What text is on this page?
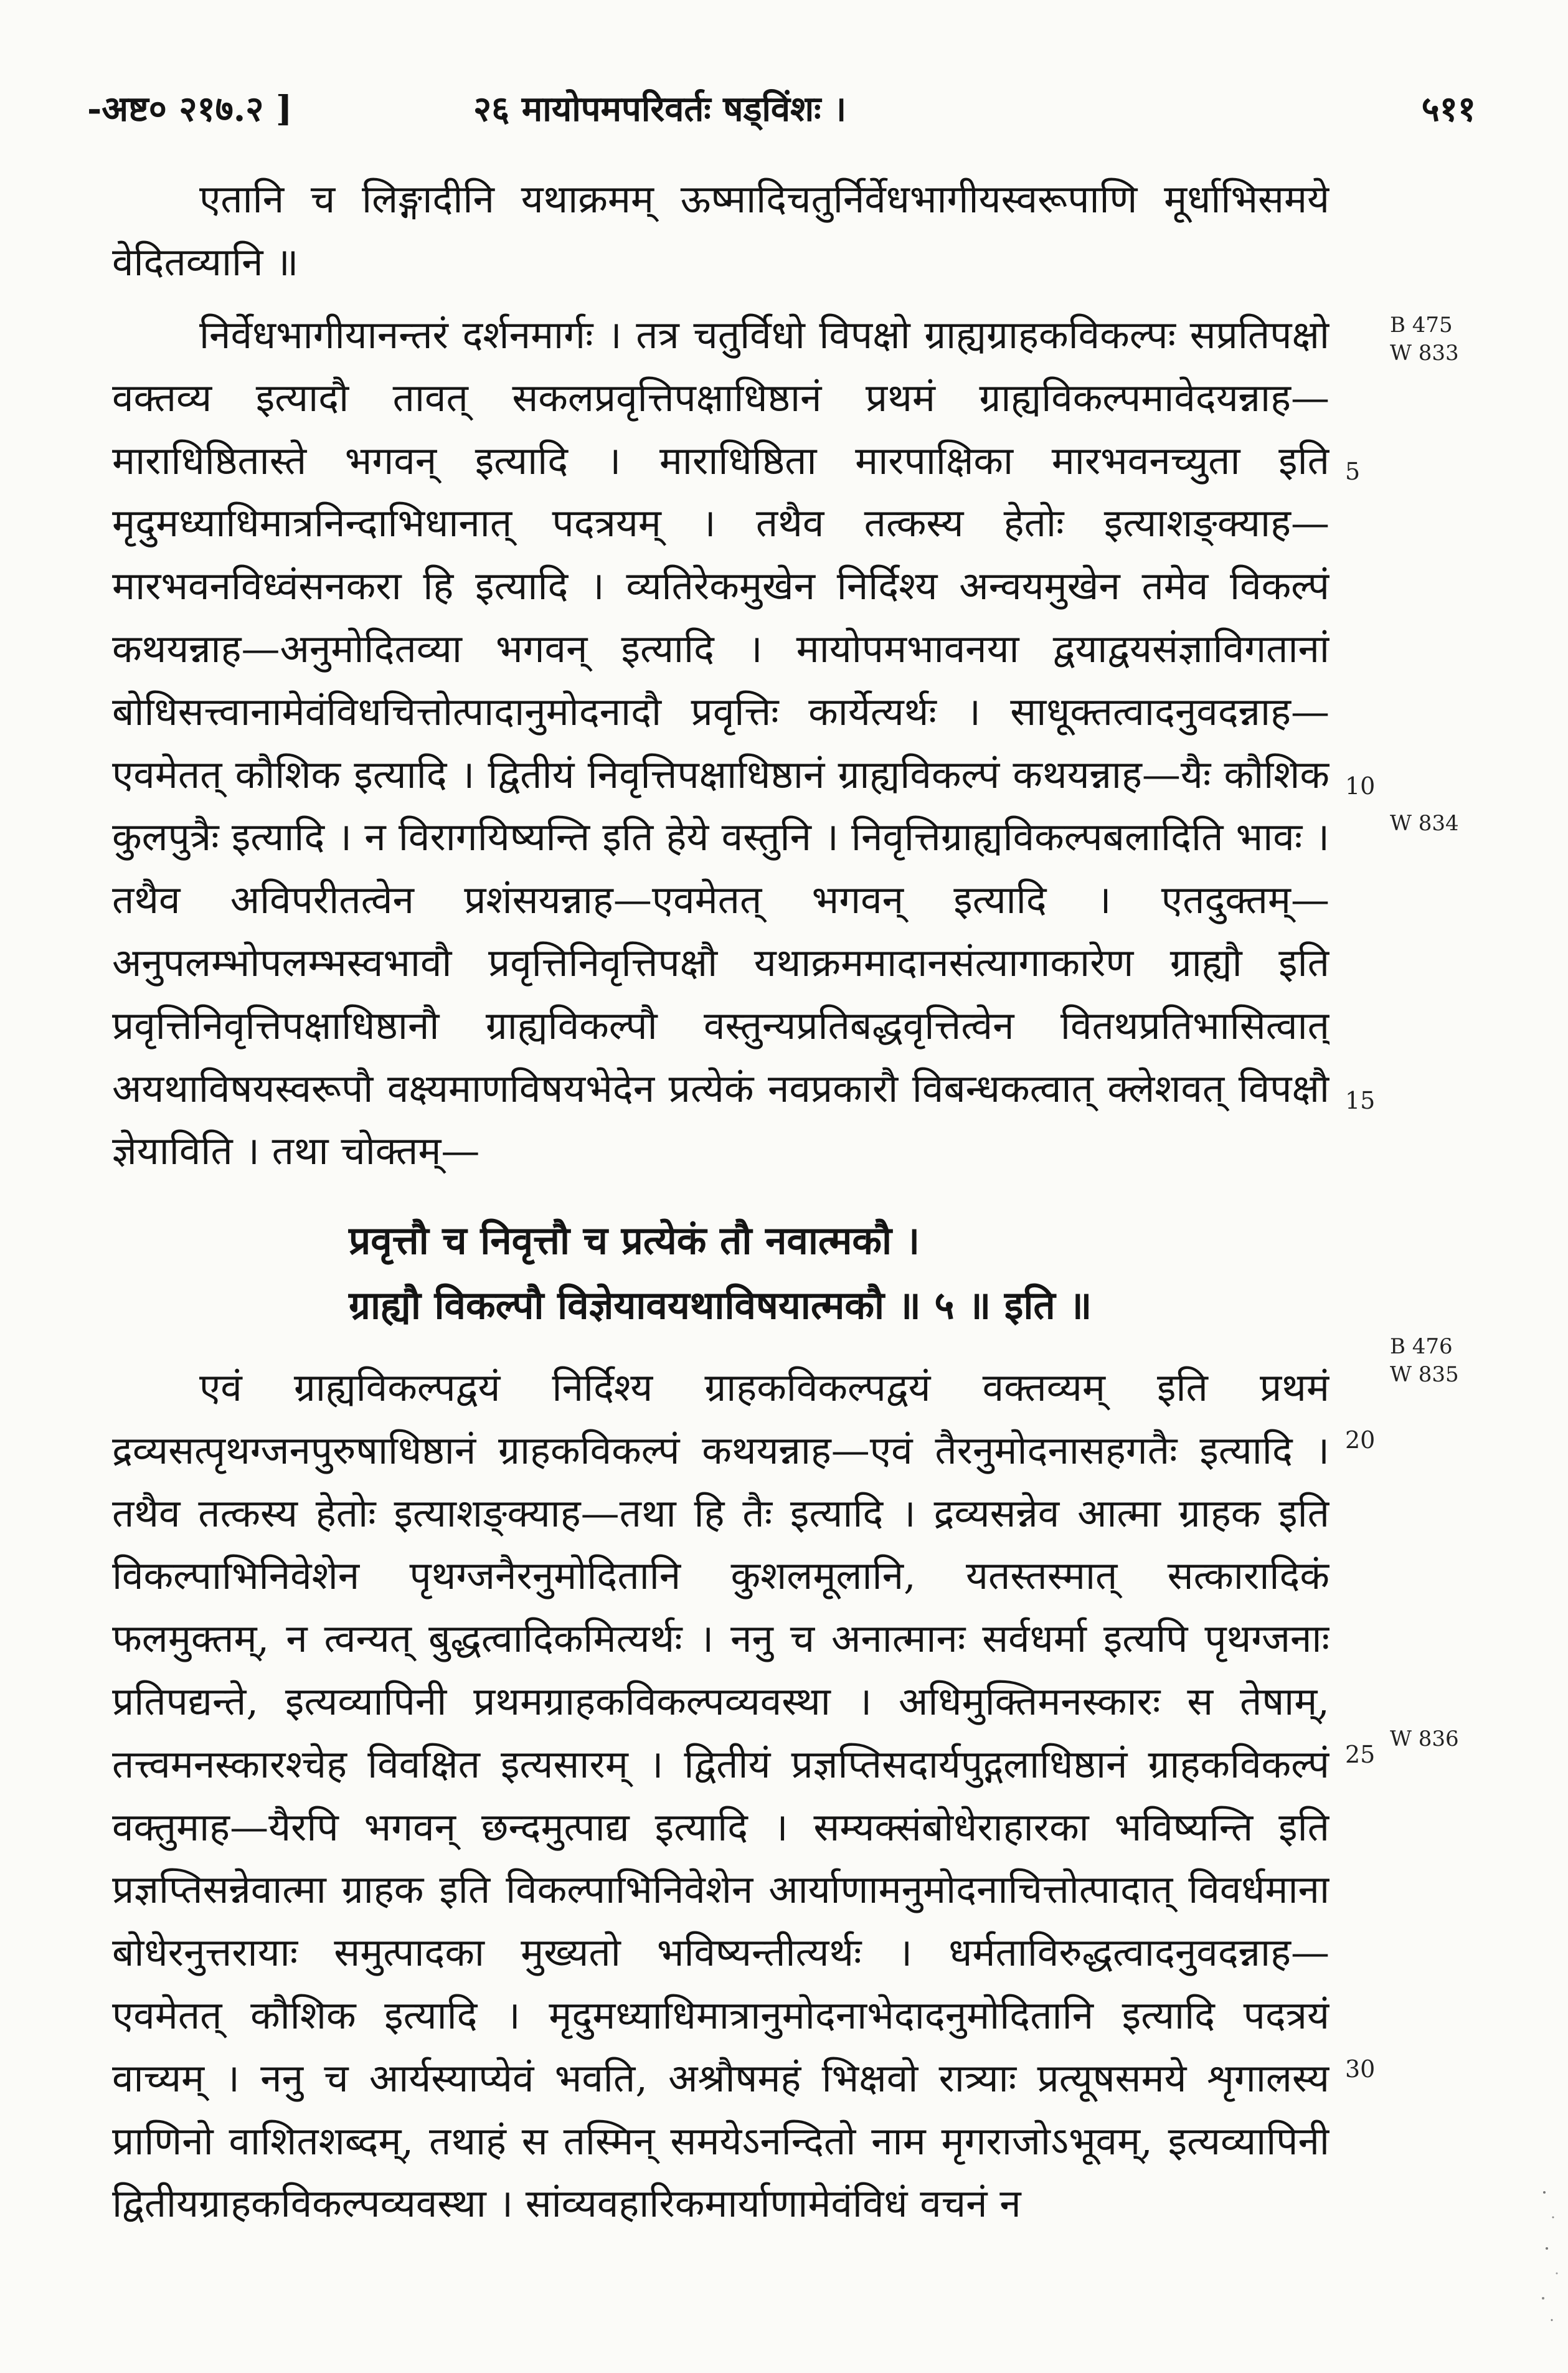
-अष्ट० २१७.२ ]	२६ मायोपमपरिवर्तः षड्विंशः ।	५११

एतानि च लिङ्गादीनि यथाक्रमम् ऊष्मादिचतुर्निर्वेधभागीयस्वरूपाणि मूर्धाभिसमये वेदितव्यानि ॥

निर्वेधभागीयानन्तरं दर्शनमार्गः । तत्र चतुर्विधो विपक्षो ग्राह्यग्राहकविकल्पः सप्रतिपक्षो वक्तव्य इत्यादौ तावत् सकलप्रवृत्तिपक्षाधिष्ठानं प्रथमं ग्राह्यविकल्पमावेदयन्नाह— माराधिष्ठितास्ते भगवन् इत्यादि । माराधिष्ठिता मारपाक्षिका मारभवनच्युता इति मृदुमध्याधिमात्रनिन्दाभिधानात् पदत्रयम् । तथैव तत्कस्य हेतोः इत्याशङ्क्याह—मारभवनविध्वंसनकरा हि इत्यादि । व्यतिरेकमुखेन निर्दिश्य अन्वयमुखेन तमेव विकल्पं कथयन्नाह—अनुमोदितव्या भगवन् इत्यादि । मायोपमभावनया द्वयाद्वयसंज्ञाविगतानां बोधिसत्त्वानामेवंविधचित्तोत्पादानुमोदनादौ प्रवृत्तिः कार्येत्यर्थः । साधूक्तत्वादनुवदन्नाह— एवमेतत् कौशिक इत्यादि । द्वितीयं निवृत्तिपक्षाधिष्ठानं ग्राह्यविकल्पं कथयन्नाह—यैः कौशिक कुलपुत्रैः इत्यादि । न विरागयिष्यन्ति इति हेये वस्तुनि । निवृत्तिग्राह्यविकल्पबलादिति भावः । तथैव अविपरीतत्वेन प्रशंसयन्नाह—एवमेतत् भगवन् इत्यादि । एतदुक्तम्—अनुपलम्भोपलम्भस्वभावौ प्रवृत्तिनिवृत्तिपक्षौ यथाक्रममादानसंत्यागाकारेण ग्राह्यौ इति प्रवृत्तिनिवृत्तिपक्षाधिष्ठानौ ग्राह्यविकल्पौ वस्तुन्यप्रतिबद्धवृत्तित्वेन वितथप्रतिभासित्वात् अयथाविषयस्वरूपौ वक्ष्यमाणविषयभेदेन प्रत्येकं नवप्रकारौ विबन्धकत्वात् क्लेशवत् विपक्षौ ज्ञेयाविति । तथा चोक्तम्—

प्रवृत्तौ च निवृत्तौ च प्रत्येकं तौ नवात्मकौ ।
ग्राह्यौ विकल्पौ विज्ञेयावयथाविषयात्मकौ ॥ ५ ॥ इति ॥

एवं ग्राह्यविकल्पद्वयं निर्दिश्य ग्राहकविकल्पद्वयं वक्तव्यम् इति प्रथमं द्रव्यसत्पृथग्जनपुरुषाधिष्ठानं ग्राहकविकल्पं कथयन्नाह—एवं तैरनुमोदनासहगतैः इत्यादि । तथैव तत्कस्य हेतोः इत्याशङ्क्याह—तथा हि तैः इत्यादि । द्रव्यसन्नेव आत्मा ग्राहक इति विकल्पाभिनिवेशेन पृथग्जनैरनुमोदितानि कुशलमूलानि, यतस्तस्मात् सत्कारादिकं फलमुक्तम्, न त्वन्यत् बुद्धत्वादिकमित्यर्थः । ननु च अनात्मानः सर्वधर्मा इत्यपि पृथग्जनाः प्रतिपद्यन्ते, इत्यव्यापिनी प्रथमग्राहकविकल्पव्यवस्था । अधिमुक्तिमनस्कारः स तेषाम्, तत्त्वमनस्कारश्चेह विवक्षित इत्यसारम् । द्वितीयं प्रज्ञप्तिसदार्यपुद्गलाधिष्ठानं ग्राहकविकल्पं वक्तुमाह—यैरपि भगवन् छन्दमुत्पाद्य इत्यादि । सम्यक्संबोधेराहारका भविष्यन्ति इति प्रज्ञप्तिसन्नेवात्मा ग्राहक इति विकल्पाभिनिवेशेन आर्याणामनुमोदनाचित्तोत्पादात् विवर्धमाना बोधेरनुत्तरायाः समुत्पादका मुख्यतो भविष्यन्तीत्यर्थः । धर्मताविरुद्धत्वादनुवदन्नाह— एवमेतत् कौशिक इत्यादि । मृदुमध्याधिमात्रानुमोदनाभेदादनुमोदितानि इत्यादि पदत्रयं वाच्यम् । ननु च आर्यस्याप्येवं भवति, अश्रौषमहं भिक्षवो रात्र्याः प्रत्यूषसमये शृगालस्य प्राणिनो वाशितशब्दम्, तथाहं स तस्मिन् समयेऽनन्दितो नाम मृगराजोऽभूवम्, इत्यव्यापिनी द्वितीयग्राहकविकल्पव्यवस्था । सांव्यवहारिकमार्याणामेवंविधं वचनं न

B 475
W 833
W 834
B 476
W 835
W 836
5
10
15
20
25
30
